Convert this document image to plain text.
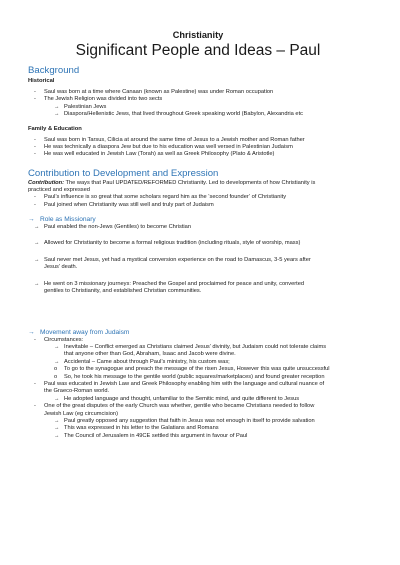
Christianity
Significant People and Ideas – Paul
Background
Historical
- Saul was born at a time where Canaan (known as Palestine) was under Roman occupation
- The Jewish Religion was divided into two sects
→ Palestinian Jews
→ Diaspora/Hellenistic Jews, that lived throughout Greek speaking world (Babylon, Alexandria etc
Family & Education
- Saul was born in Tarsus, Cilicia at around the same time of Jesus to a Jewish mother and Roman father
- He was technically a diaspora Jew but due to his education was well versed in Palestinian Judaism
- He was well educated in Jewish Law (Torah) as well as Greek Philosophy (Plato & Aristotle)
Contribution to Development and Expression
Contribution: The ways that Paul UPDATED/REFORMED Christianity. Led to developments of how Christianity is
practiced and expressed
- Paul’s influence is so great that some scholars regard him as the ‘second founder’ of Christianity
- Paul joined when Christianity was still well and truly part of Judaism
→ Role as Missionary
→ Paul enabled the non-Jews (Gentiles) to become Christian
→ Allowed for Christianity to become a formal religious tradition (including rituals, style of worship, mass)
→ Saul never met Jesus, yet had a mystical conversion experience on the road to Damascus, 3-5 years after
Jesus’ death.
→ He went on 3 missionary journeys: Preached the Gospel and proclaimed for peace and unity, converted
gentiles to Christianity, and established Christian communities.
→ Movement away from Judaism
- Circumstances:
→ Inevitable – Conflict emerged as Christians claimed Jesus’ divinity, but Judaism could not tolerate claims
that anyone other than God, Abraham, Isaac and Jacob were divine.
→ Accidental – Came about through Paul’s ministry, his custom was;
o To go to the synagogue and preach the message of the risen Jesus, However this was quite unsuccessful
o So, he took his message to the gentile world (public squares/marketplaces) and found greater reception
- Paul was educated in Jewish Law and Greek Philosophy enabling him with the language and cultural nuance of
the Graeco-Roman world.
→ He adopted language and thought, unfamiliar to the Semitic mind, and quite different to Jesus
- One of the great disputes of the early Church was whether, gentile who became Christians needed to follow
Jewish Law (eg circumcision)
→ Paul greatly opposed any suggestion that faith in Jesus was not enough in itself to provide salvation
→ This was expressed in his letter to the Galatians and Romans
→ The Council of Jerusalem in 49CE settled this argument in favour of Paul
